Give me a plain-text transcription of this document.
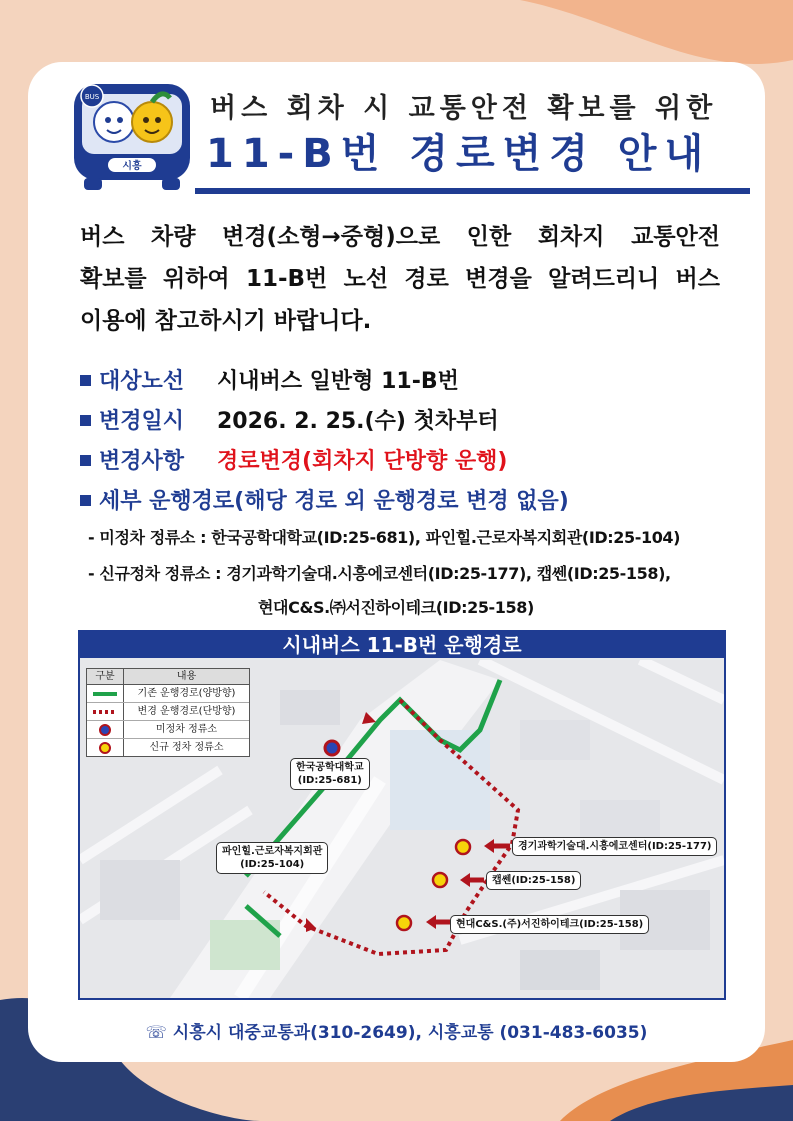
BUS
시흥
버스 회차 시 교통안전 확보를 위한
11-B번 경로변경 안내
버스 차량 변경(소형→중형)으로 인한 회차지 교통안전
확보를 위하여 11-B번 노선 경로 변경을 알려드리니 버스
이용에 참고하시기 바랍니다.
대상노선 시내버스 일반형 11-B번
변경일시 2026. 2. 25.(수) 첫차부터
변경사항 경로변경(회차지 단방향 운행)
세부 운행경로(해당 경로 외 운행경로 변경 없음)
- 미정차 정류소 : 한국공학대학교(ID:25-681), 파인힐.근로자복지회관(ID:25-104)
- 신규정차 정류소 : 경기과학기술대.시흥에코센터(ID:25-177), 캡쎈(ID:25-158),
현대C&S.㈜서진하이테크(ID:25-158)
시내버스 11-B번 운행경로
구분	내용
기존 운행경로(양방향)
변경 운행경로(단방향)
미정차 정류소
신규 정차 정류소
한국공학대학교
(ID:25-681)
파인힐.근로자복지회관
(ID:25-104)
경기과학기술대.시흥에코센터(ID:25-177)
캡쎈(ID:25-158)
현대C&S.(주)서진하이테크(ID:25-158)
☏ 시흥시 대중교통과(310-2649), 시흥교통 (031-483-6035)
